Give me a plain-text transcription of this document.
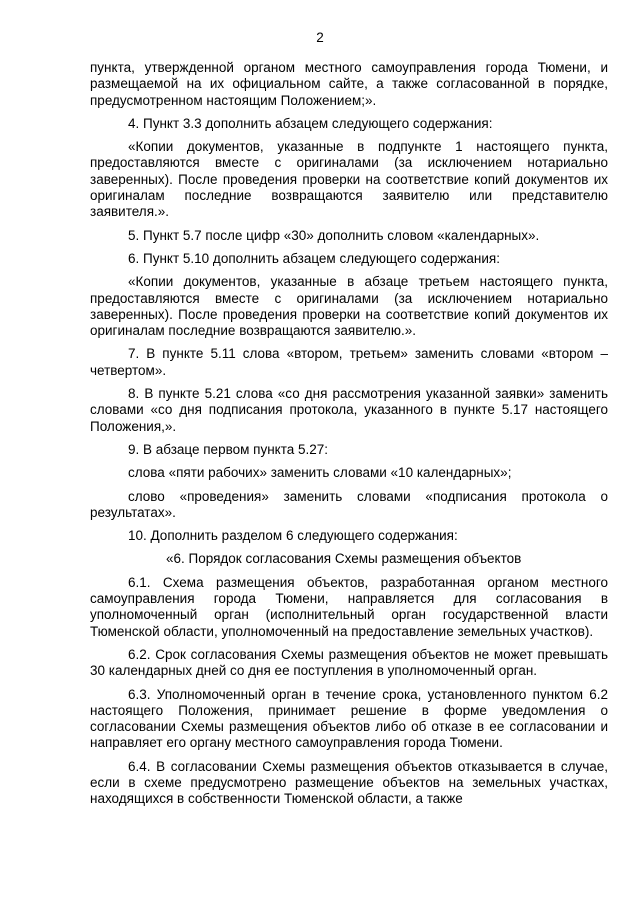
2

пункта, утвержденной органом местного самоуправления города Тюмени, и размещаемой на их официальном сайте, а также согласованной в порядке, предусмотренном настоящим Положением;».

4. Пункт 3.3 дополнить абзацем следующего содержания:

«Копии документов, указанные в подпункте 1 настоящего пункта, предоставляются вместе с оригиналами (за исключением нотариально заверенных). После проведения проверки на соответствие копий документов их оригиналам последние возвращаются заявителю или представителю заявителя.».

5. Пункт 5.7 после цифр «30» дополнить словом «календарных».

6. Пункт 5.10 дополнить абзацем следующего содержания:

«Копии документов, указанные в абзаце третьем настоящего пункта, предоставляются вместе с оригиналами (за исключением нотариально заверенных). После проведения проверки на соответствие копий документов их оригиналам последние возвращаются заявителю.».

7. В пункте 5.11 слова «втором, третьем» заменить словами «втором – четвертом».

8. В пункте 5.21 слова «со дня рассмотрения указанной заявки» заменить словами «со дня подписания протокола, указанного в пункте 5.17 настоящего Положения,».

9. В абзаце первом пункта 5.27:

слова «пяти рабочих» заменить словами «10 календарных»;

слово «проведения» заменить словами «подписания протокола о результатах».

10. Дополнить разделом 6 следующего содержания:

«6. Порядок согласования Схемы размещения объектов

6.1. Схема размещения объектов, разработанная органом местного самоуправления города Тюмени, направляется для согласования в уполномоченный орган (исполнительный орган государственной власти Тюменской области, уполномоченный на предоставление земельных участков).

6.2. Срок согласования Схемы размещения объектов не может превышать 30 календарных дней со дня ее поступления в уполномоченный орган.

6.3. Уполномоченный орган в течение срока, установленного пунктом 6.2 настоящего Положения, принимает решение в форме уведомления о согласовании Схемы размещения объектов либо об отказе в ее согласовании и направляет его органу местного самоуправления города Тюмени.

6.4. В согласовании Схемы размещения объектов отказывается в случае, если в схеме предусмотрено размещение объектов на земельных участках, находящихся в собственности Тюменской области, а также
